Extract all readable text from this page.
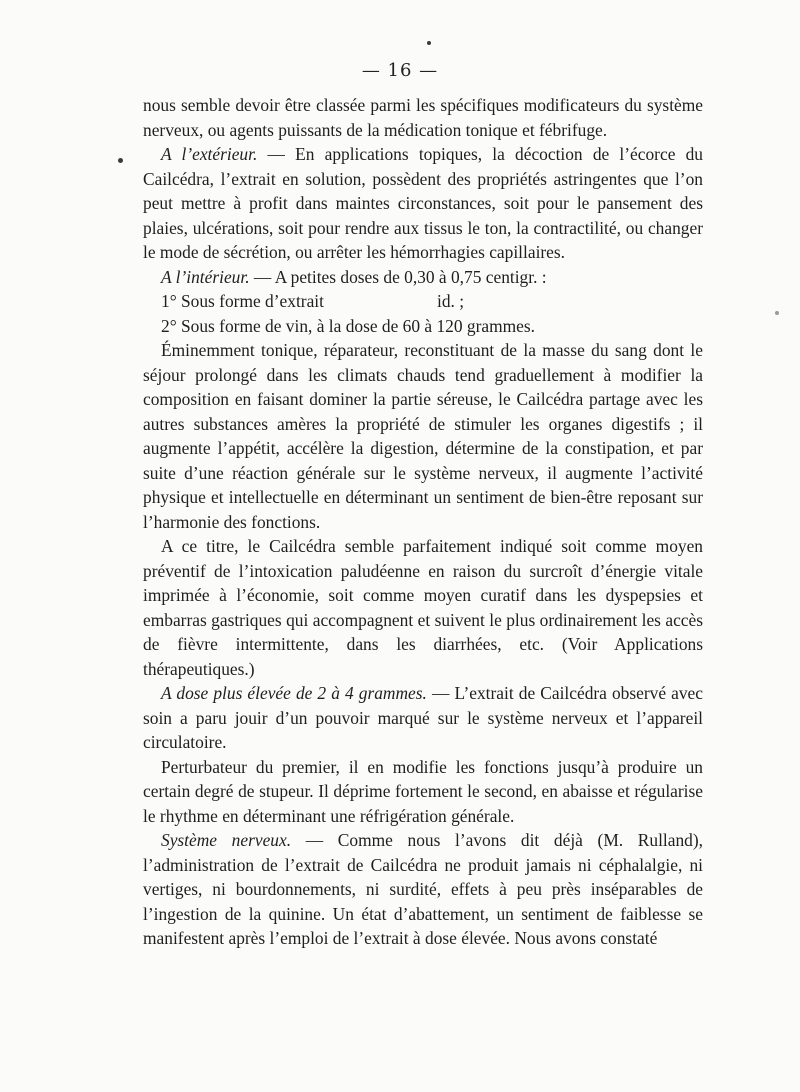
— 16 —

nous semble devoir être classée parmi les spécifiques modificateurs du système nerveux, ou agents puissants de la médication tonique et fébrifuge.

A l’extérieur. — En applications topiques, la décoction de l’écorce du Cailcédra, l’extrait en solution, possèdent des propriétés astringentes que l’on peut mettre à profit dans maintes circonstances, soit pour le pansement des plaies, ulcérations, soit pour rendre aux tissus le ton, la contractilité, ou changer le mode de sécrétion, ou arrêter les hémorrhagies capillaires.

A l’intérieur. — A petites doses de 0,30 à 0,75 centigr. :

1° Sous forme d’extrait                          id. ;

2° Sous forme de vin, à la dose de 60 à 120 grammes.

Éminemment tonique, réparateur, reconstituant de la masse du sang dont le séjour prolongé dans les climats chauds tend graduellement à modifier la composition en faisant dominer la partie séreuse, le Cailcédra partage avec les autres substances amères la propriété de stimuler les organes digestifs ; il augmente l’appétit, accélère la digestion, détermine de la constipation, et par suite d’une réaction générale sur le système nerveux, il augmente l’activité physique et intellectuelle en déterminant un sentiment de bien-être reposant sur l’harmonie des fonctions.

A ce titre, le Cailcédra semble parfaitement indiqué soit comme moyen préventif de l’intoxication paludéenne en raison du surcroît d’énergie vitale imprimée à l’économie, soit comme moyen curatif dans les dyspepsies et embarras gastriques qui accompagnent et suivent le plus ordinairement les accès de fièvre intermittente, dans les diarrhées, etc. (Voir Applications thérapeutiques.)

A dose plus élevée de 2 à 4 grammes. — L’extrait de Cailcédra observé avec soin a paru jouir d’un pouvoir marqué sur le système nerveux et l’appareil circulatoire.

Perturbateur du premier, il en modifie les fonctions jusqu’à produire un certain degré de stupeur. Il déprime fortement le second, en abaisse et régularise le rhythme en déterminant une réfrigération générale.

Système nerveux. — Comme nous l’avons dit déjà (M. Rulland), l’administration de l’extrait de Cailcédra ne produit jamais ni céphalalgie, ni vertiges, ni bourdonnements, ni surdité, effets à peu près inséparables de l’ingestion de la quinine. Un état d’abattement, un sentiment de faiblesse se manifestent après l’emploi de l’extrait à dose élevée. Nous avons constaté
